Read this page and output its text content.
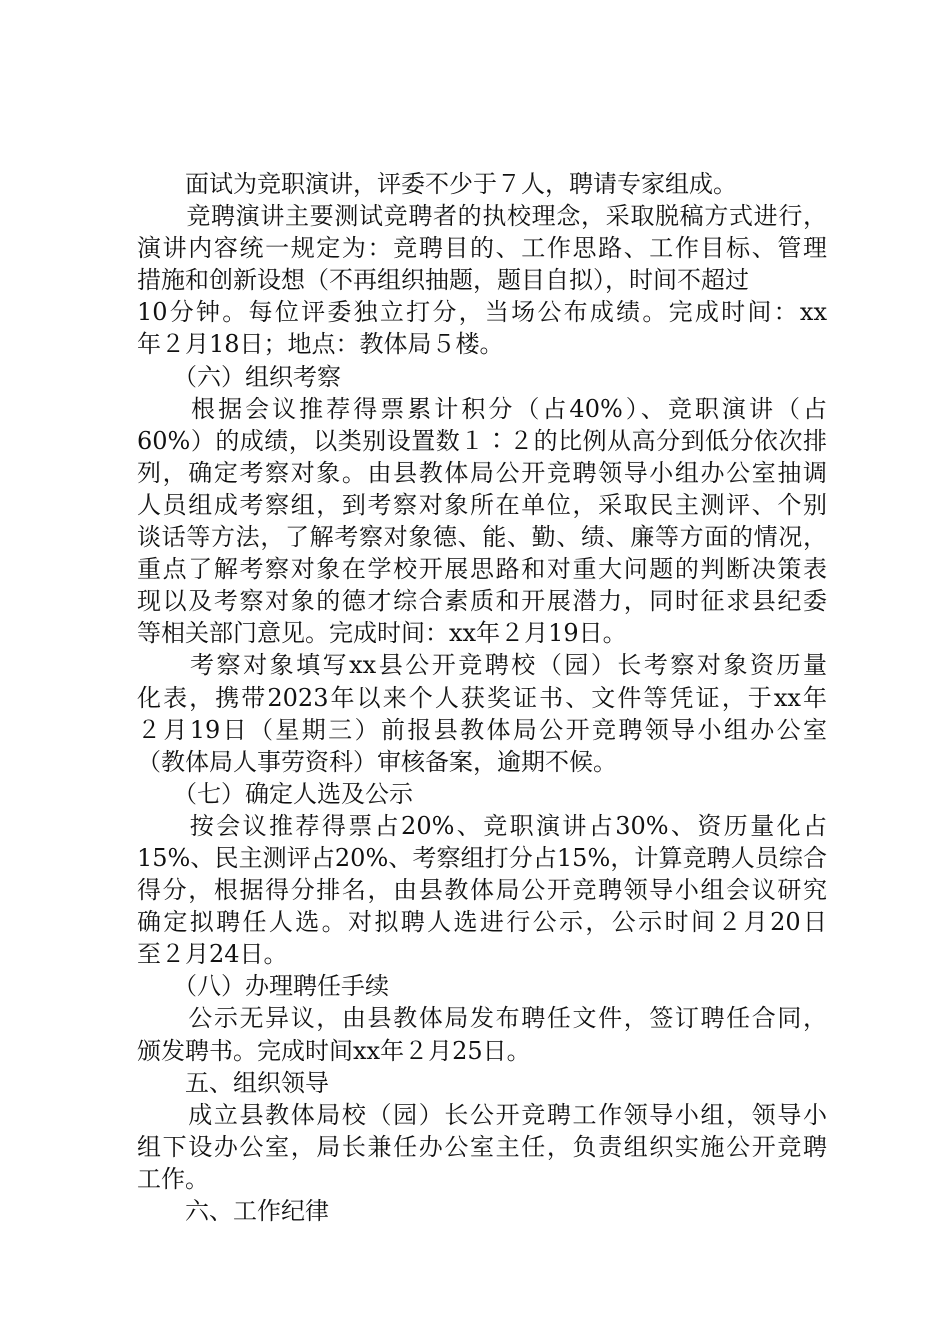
　　面试为竞职演讲，评委不少于７人，聘请专家组成。
　　竞聘演讲主要测试竞聘者的执校理念，采取脱稿方式进行，
演讲内容统一规定为：竞聘目的、工作思路、工作目标、管理
措施和创新设想（不再组织抽题，题目自拟），时间不超过
10分钟。每位评委独立打分，当场公布成绩。完成时间：xx
年２月18日；地点：教体局５楼。
　　（六）组织考察
　　根据会议推荐得票累计积分（占40%）、竞职演讲（占
60%）的成绩，以类别设置数１∶２的比例从高分到低分依次排
列，确定考察对象。由县教体局公开竞聘领导小组办公室抽调
人员组成考察组，到考察对象所在单位，采取民主测评、个别
谈话等方法，了解考察对象德、能、勤、绩、廉等方面的情况，
重点了解考察对象在学校开展思路和对重大问题的判断决策表
现以及考察对象的德才综合素质和开展潜力，同时征求县纪委
等相关部门意见。完成时间：xx年２月19日。
　　考察对象填写xx县公开竞聘校（园）长考察对象资历量
化表，携带2023年以来个人获奖证书、文件等凭证，于xx年
２月19日（星期三）前报县教体局公开竞聘领导小组办公室
（教体局人事劳资科）审核备案，逾期不候。
　　（七）确定人选及公示
　　按会议推荐得票占20%、竞职演讲占30%、资历量化占
15%、民主测评占20%、考察组打分占15%，计算竞聘人员综合
得分，根据得分排名，由县教体局公开竞聘领导小组会议研究
确定拟聘任人选。对拟聘人选进行公示，公示时间２月20日
至２月24日。
　　（八）办理聘任手续
　　公示无异议，由县教体局发布聘任文件，签订聘任合同，
颁发聘书。完成时间xx年２月25日。
　　五、组织领导
　　成立县教体局校（园）长公开竞聘工作领导小组，领导小
组下设办公室，局长兼任办公室主任，负责组织实施公开竞聘
工作。
　　六、工作纪律
